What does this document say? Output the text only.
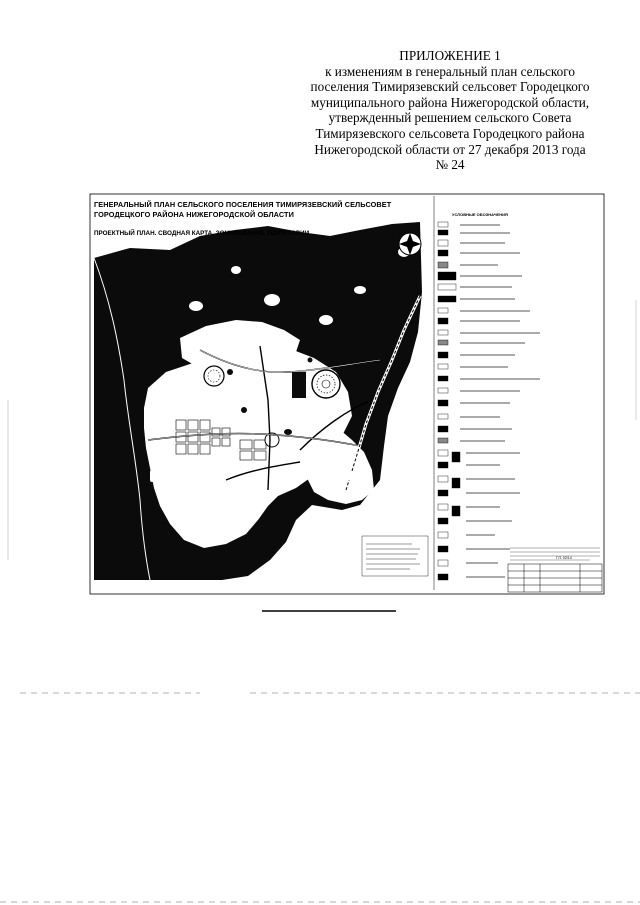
ПРИЛОЖЕНИЕ 1
к изменениям в генеральный план сельского
поселения Тимирязевский сельсовет Городецкого
муниципального района Нижегородской области,
утвержденный решением сельского Совета
Тимирязевского сельсовета Городецкого района
Нижегородской области от 27 декабря 2013 года
№ 24
ГЕНЕРАЛЬНЫЙ ПЛАН СЕЛЬСКОГО ПОСЕЛЕНИЯ ТИМИРЯЗЕВСКИЙ СЕЛЬСОВЕТ
ГОРОДЕЦКОГО РАЙОНА НИЖЕГОРОДСКОЙ ОБЛАСТИ
ПРОЕКТНЫЙ ПЛАН. СВОДНАЯ КАРТА. ЗОНИРОВАНИЕ ТЕРРИТОРИИ
УСЛОВНЫЕ ОБОЗНАЧЕНИЯ
Г.П. 02/14
